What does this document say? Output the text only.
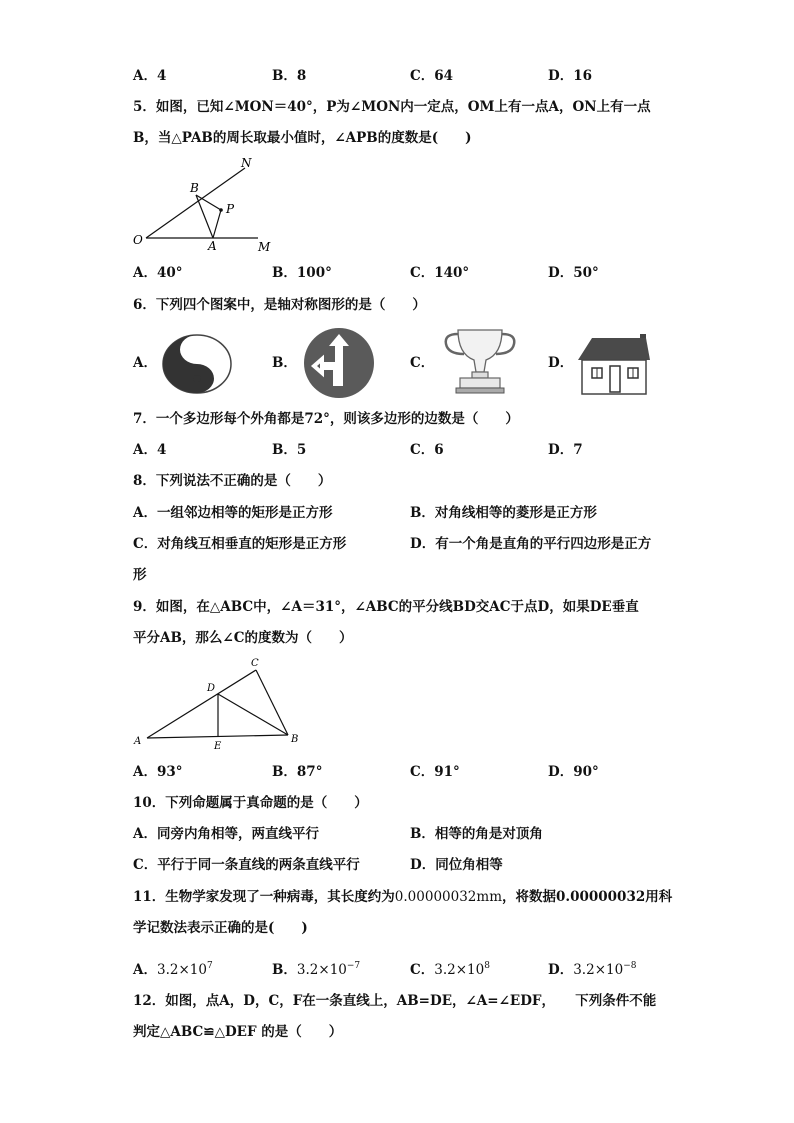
A．4	B．8	C．64	D．16
5．如图，已知∠MON＝40°，P为∠MON内一定点，OM上有一点A，ON上有一点
B，当△PAB的周长取最小值时，∠APB的度数是(　　)
N
B
P
O	A	M
A．40°	B．100°	C．140°	D．50°
6．下列四个图案中，是轴对称图形的是（　　）
A．	B．	C．	D．
7．一个多边形每个外角都是72°，则该多边形的边数是（　　）
A．4	B．5	C．6	D．7
8．下列说法不正确的是（　　）
A．一组邻边相等的矩形是正方形	B．对角线相等的菱形是正方形
C．对角线互相垂直的矩形是正方形	D．有一个角是直角的平行四边形是正方
形
9．如图，在△ABC中，∠A＝31°，∠ABC的平分线BD交AC于点D，如果DE垂直
平分AB，那么∠C的度数为（　　）
C
D
A	E
B
A．93°	B．87°	C．91°	D．90°
10．下列命题属于真命题的是（　　）
A．同旁内角相等，两直线平行	B．相等的角是对顶角
C．平行于同一条直线的两条直线平行	D．同位角相等
11．生物学家发现了一种病毒，其长度约为0.00000032mm，将数据0.00000032用科
学记数法表示正确的是(　　)
A．$3.2\times 10^7$	B．$3.2\times 10^{-7}$	C．$3.2\times 10^8$	D．$3.2\times 10^{-8}$
12．如图，点A，D，C，F在一条直线上，AB=DE，∠A=∠EDF，　　下列条件不能
判定△ABC≌△DEF 的是（　　）
